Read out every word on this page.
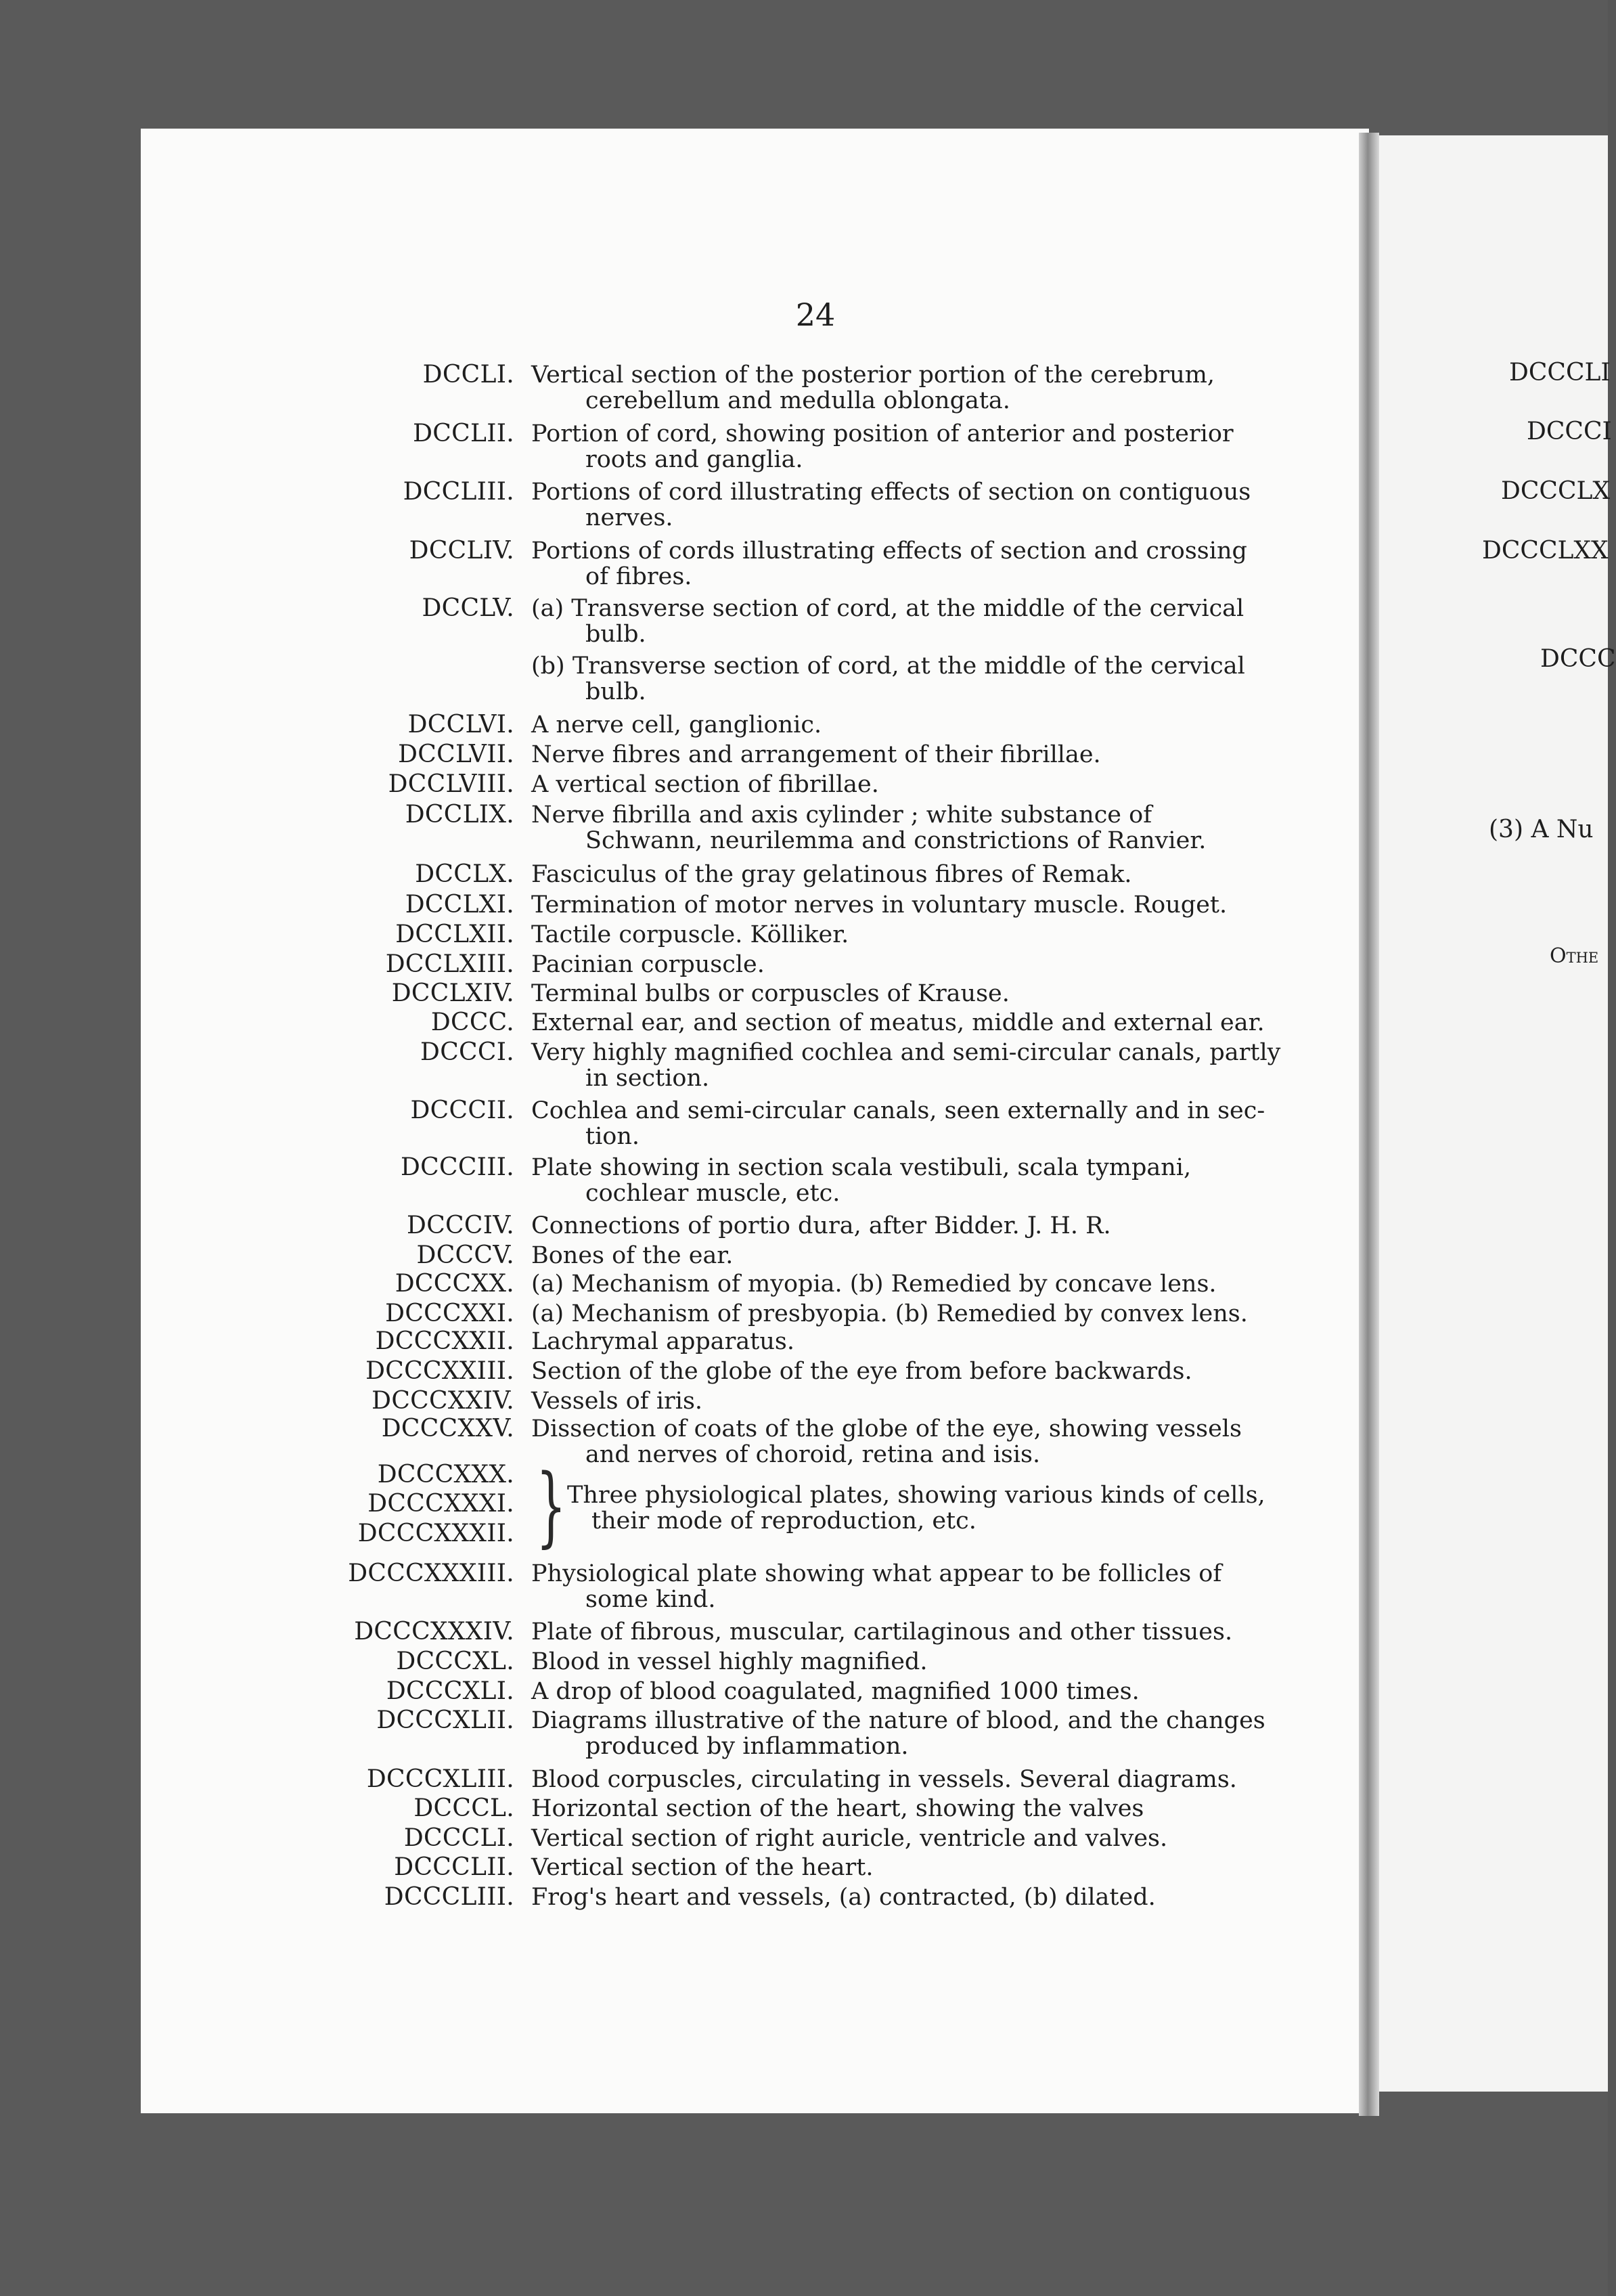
24
DCCLI. Vertical section of the posterior portion of the cerebrum,
cerebellum and medulla oblongata.
DCCLII. Portion of cord, showing position of anterior and posterior
roots and ganglia.
DCCLIII. Portions of cord illustrating effects of section on contiguous
nerves.
DCCLIV. Portions of cords illustrating effects of section and crossing
of fibres.
DCCLV. (a) Transverse section of cord, at the middle of the cervical
bulb.
(b) Transverse section of cord, at the middle of the cervical
bulb.
DCCLVI. A nerve cell, ganglionic.
DCCLVII. Nerve fibres and arrangement of their fibrillae.
DCCLVIII. A vertical section of fibrillae.
DCCLIX. Nerve fibrilla and axis cylinder ; white substance of
Schwann, neurilemma and constrictions of Ranvier.
DCCLX. Fasciculus of the gray gelatinous fibres of Remak.
DCCLXI. Termination of motor nerves in voluntary muscle. Rouget.
DCCLXII. Tactile corpuscle. Kölliker.
DCCLXIII. Pacinian corpuscle.
DCCLXIV. Terminal bulbs or corpuscles of Krause.
DCCC. External ear, and section of meatus, middle and external ear.
DCCCI. Very highly magnified cochlea and semi-circular canals, partly
in section.
DCCCII. Cochlea and semi-circular canals, seen externally and in sec-
tion.
DCCCIII. Plate showing in section scala vestibuli, scala tympani,
cochlear muscle, etc.
DCCCIV. Connections of portio dura, after Bidder. J. H. R.
DCCCV. Bones of the ear.
DCCCXX. (a) Mechanism of myopia. (b) Remedied by concave lens.
DCCCXXI. (a) Mechanism of presbyopia. (b) Remedied by convex lens.
DCCCXXII. Lachrymal apparatus.
DCCCXXIII. Section of the globe of the eye from before backwards.
DCCCXXIV. Vessels of iris.
DCCCXXV. Dissection of coats of the globe of the eye, showing vessels
and nerves of choroid, retina and isis.
DCCCXXX.
DCCCXXXI.
DCCCXXXII. } Three physiological plates, showing various kinds of cells,
their mode of reproduction, etc.
DCCCXXXIII. Physiological plate showing what appear to be follicles of
some kind.
DCCCXXXIV. Plate of fibrous, muscular, cartilaginous and other tissues.
DCCCXL. Blood in vessel highly magnified.
DCCCXLI. A drop of blood coagulated, magnified 1000 times.
DCCCXLII. Diagrams illustrative of the nature of blood, and the changes
produced by inflammation.
DCCCXLIII. Blood corpuscles, circulating in vessels. Several diagrams.
DCCCL. Horizontal section of the heart, showing the valves
DCCCLI. Vertical section of right auricle, ventricle and valves.
DCCCLII. Vertical section of the heart.
DCCCLIII. Frog's heart and vessels, (a) contracted, (b) dilated.
DCCCLI
DCCCI
DCCCLX
DCCCLXX
DCCC
(3) A Nu
Othe
